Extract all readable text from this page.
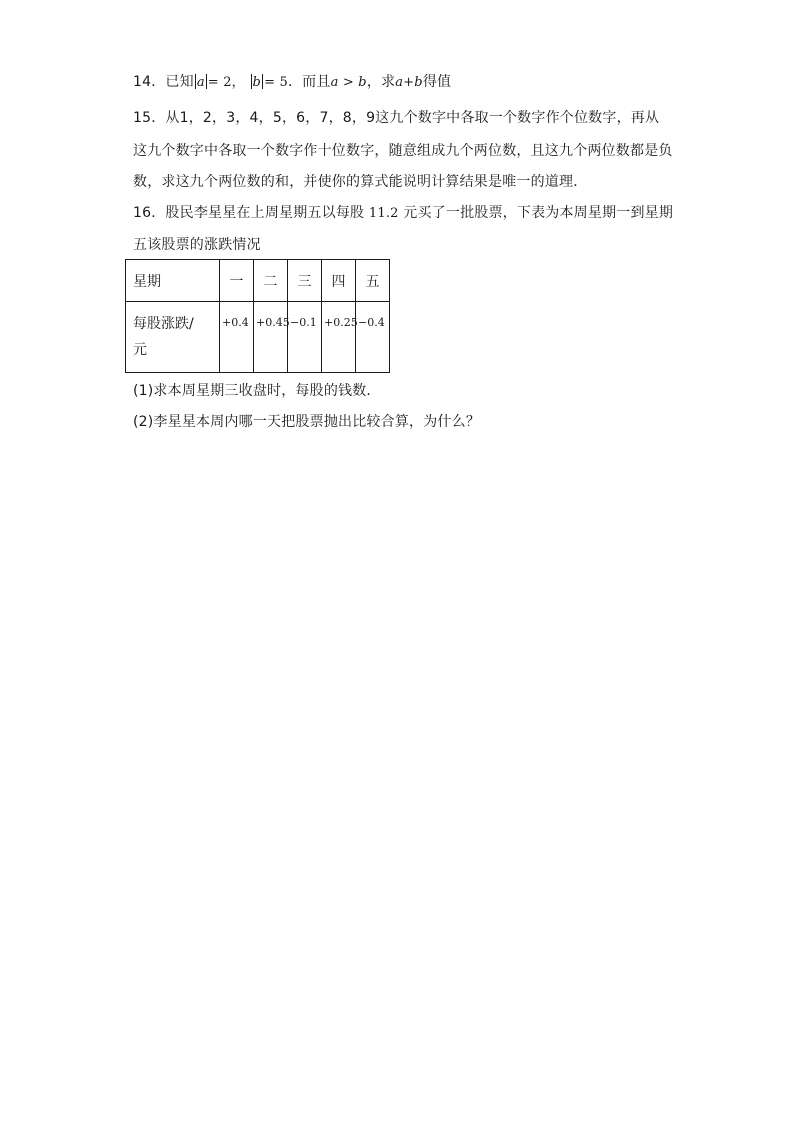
14．已知 a = 2， b = 5．而且a > b，求a+b得值
15．从1，2，3，4，5，6，7，8，9这九个数字中各取一个数字作个位数字，再从
这九个数字中各取一个数字作十位数字，随意组成九个两位数，且这九个两位数都是负
数，求这九个两位数的和，并使你的算式能说明计算结果是唯一的道理．
16．股民李星星在上周星期五以每股 11.2 元买了一批股票，下表为本周星期一到星期
五该股票的涨跌情况
星期	一	二	三	四	五

每股涨跌/
元	+0.4	+0.45	−0.1	+0.25	−0.4
(1)求本周星期三收盘时，每股的钱数．
(2)李星星本周内哪一天把股票抛出比较合算，为什么？
